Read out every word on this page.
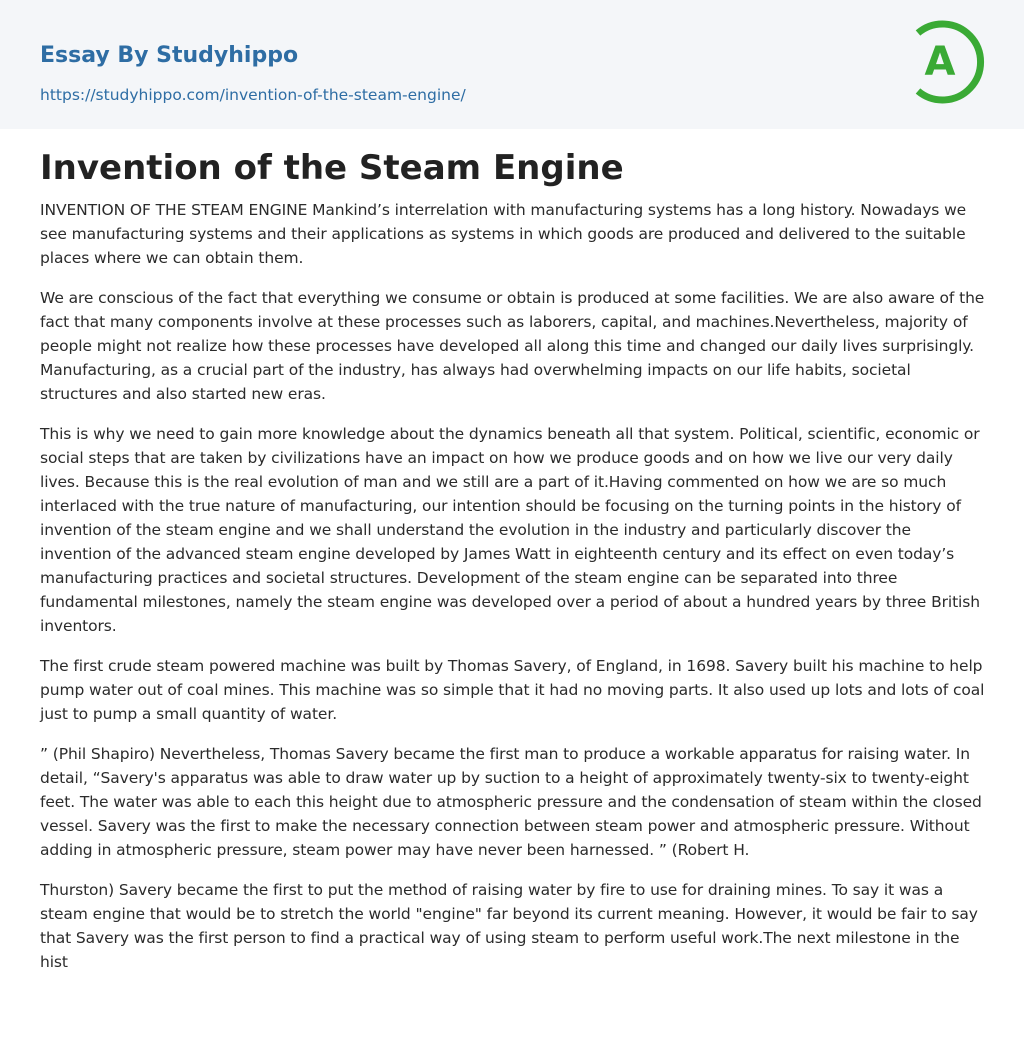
Essay By Studyhippo
https://studyhippo.com/invention-of-the-steam-engine/
A
Invention of the Steam Engine

INVENTION OF THE STEAM ENGINE Mankind’s interrelation with manufacturing systems has a long history. Nowadays we see manufacturing systems and their applications as systems in which goods are produced and delivered to the suitable places where we can obtain them.

We are conscious of the fact that everything we consume or obtain is produced at some facilities. We are also aware of the fact that many components involve at these processes such as laborers, capital, and machines.Nevertheless, majority of people might not realize how these processes have developed all along this time and changed our daily lives surprisingly. Manufacturing, as a crucial part of the industry, has always had overwhelming impacts on our life habits, societal structures and also started new eras.

This is why we need to gain more knowledge about the dynamics beneath all that system. Political, scientific, economic or social steps that are taken by civilizations have an impact on how we produce goods and on how we live our very daily lives. Because this is the real evolution of man and we still are a part of it.Having commented on how we are so much interlaced with the true nature of manufacturing, our intention should be focusing on the turning points in the history of invention of the steam engine and we shall understand the evolution in the industry and particularly discover the invention of the advanced steam engine developed by James Watt in eighteenth century and its effect on even today’s manufacturing practices and societal structures. Development of the steam engine can be separated into three fundamental milestones, namely the steam engine was developed over a period of about a hundred years by three British inventors.

The first crude steam powered machine was built by Thomas Savery, of England, in 1698. Savery built his machine to help pump water out of coal mines. This machine was so simple that it had no moving parts. It also used up lots and lots of coal just to pump a small quantity of water.

” (Phil Shapiro) Nevertheless, Thomas Savery became the first man to produce a workable apparatus for raising water. In detail, “Savery's apparatus was able to draw water up by suction to a height of approximately twenty-six to twenty-eight feet. The water was able to each this height due to atmospheric pressure and the condensation of steam within the closed vessel. Savery was the first to make the necessary connection between steam power and atmospheric pressure. Without adding in atmospheric pressure, steam power may have never been harnessed. ” (Robert H.

Thurston) Savery became the first to put the method of raising water by fire to use for draining mines. To say it was a steam engine that would be to stretch the world "engine" far beyond its current meaning. However, it would be fair to say that Savery was the first person to find a practical way of using steam to perform useful work.The next milestone in the hist
